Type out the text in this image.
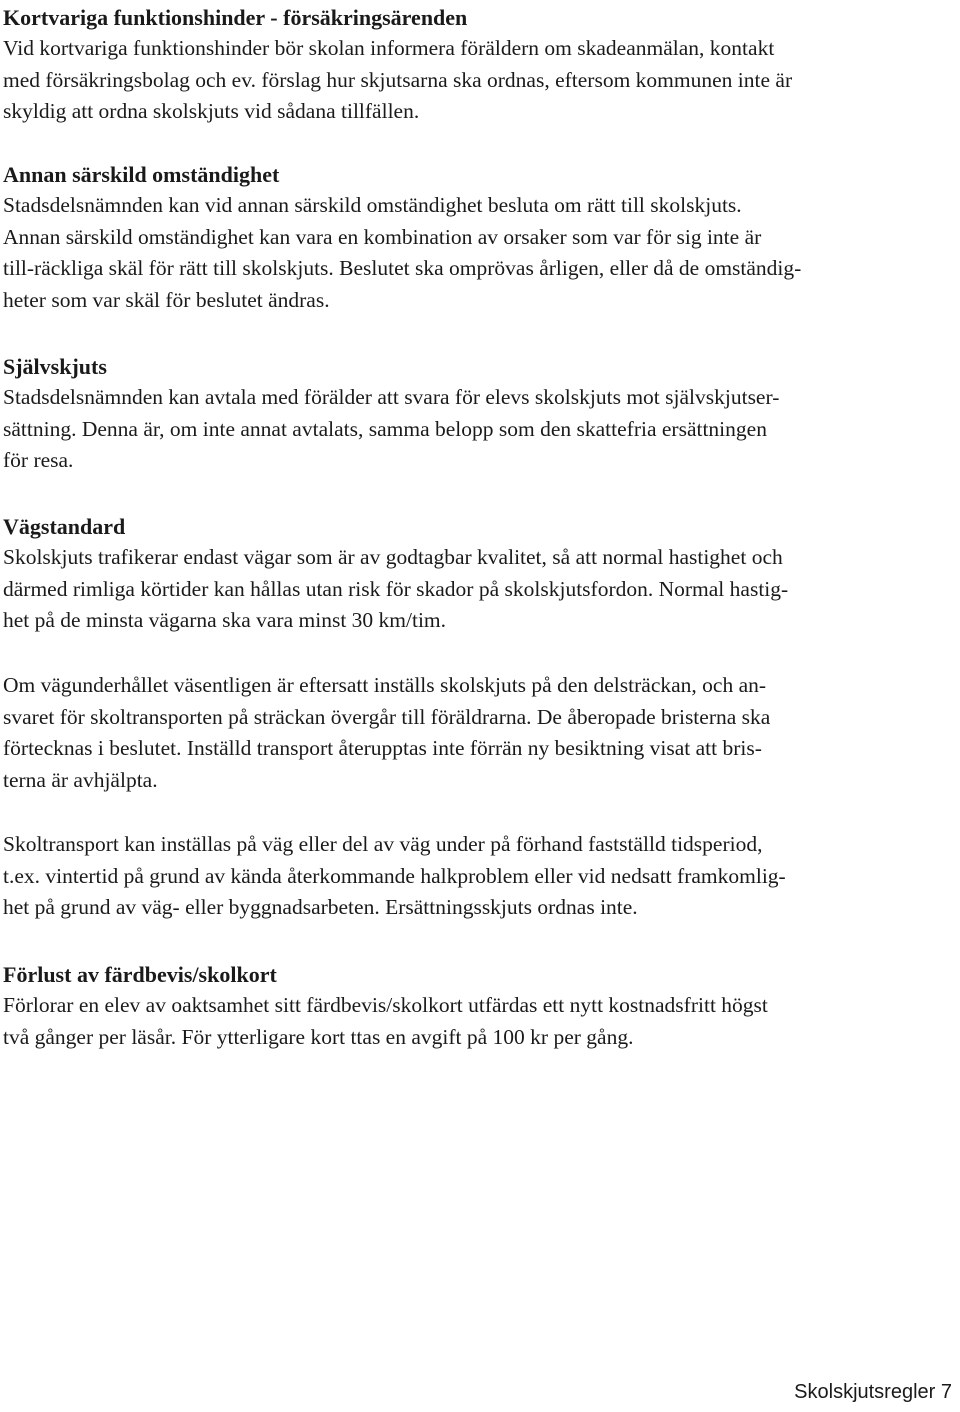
Kortvariga funktionshinder - försäkringsärenden

Vid kortvariga funktionshinder bör skolan informera föräldern om skadeanmälan, kontakt
med försäkringsbolag och ev. förslag hur skjutsarna ska ordnas, eftersom kommunen inte är
skyldig att ordna skolskjuts vid sådana tillfällen.

Annan särskild omständighet

Stadsdelsnämnden kan vid annan särskild omständighet besluta om rätt till skolskjuts.
Annan särskild omständighet kan vara en kombination av orsaker som var för sig inte är
till-räckliga skäl för rätt till skolskjuts. Beslutet ska omprövas årligen, eller då de omständig-
heter som var skäl för beslutet ändras.

Självskjuts

Stadsdelsnämnden kan avtala med förälder att svara för elevs skolskjuts mot självskjutser-
sättning. Denna är, om inte annat avtalats, samma belopp som den skattefria ersättningen
för resa.

Vägstandard

Skolskjuts trafikerar endast vägar som är av godtagbar kvalitet, så att normal hastighet och
därmed rimliga körtider kan hållas utan risk för skador på skolskjutsfordon. Normal hastig-
het på de minsta vägarna ska vara minst 30 km/tim.

Om vägunderhållet väsentligen är eftersatt inställs skolskjuts på den delsträckan, och an-
svaret för skoltransporten på sträckan övergår till föräldrarna. De åberopade bristerna ska
förtecknas i beslutet. Inställd transport återupptas inte förrän ny besiktning visat att bris-
terna är avhjälpta.

Skoltransport kan inställas på väg eller del av väg under på förhand fastställd tidsperiod,
t.ex. vintertid på grund av kända återkommande halkproblem eller vid nedsatt framkomlig-
het på grund av väg- eller byggnadsarbeten. Ersättningsskjuts ordnas inte.

Förlust av färdbevis/skolkort

Förlorar en elev av oaktsamhet sitt färdbevis/skolkort utfärdas ett nytt kostnadsfritt högst
två gånger per läsår. För ytterligare kort ttas en avgift på 100 kr per gång.

Skolskjutsregler 7
